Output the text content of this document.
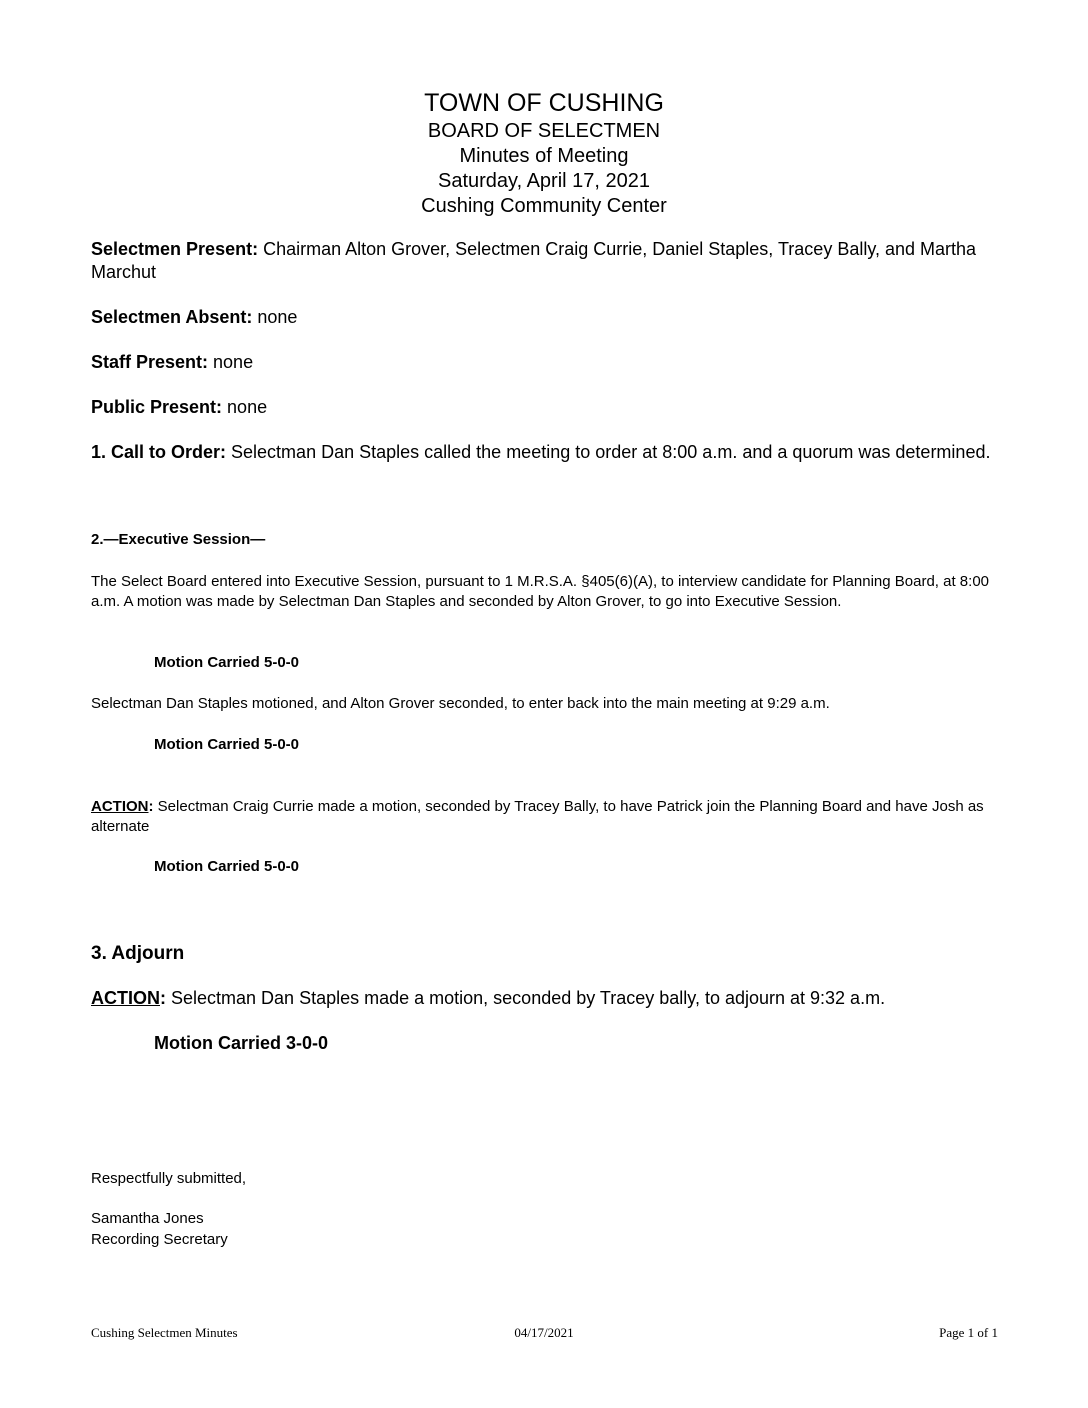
TOWN OF CUSHING
BOARD OF SELECTMEN
Minutes of Meeting
Saturday, April 17, 2021
Cushing Community Center
Selectmen Present: Chairman Alton Grover, Selectmen Craig Currie, Daniel Staples, Tracey Bally, and Martha Marchut
Selectmen Absent: none
Staff Present: none
Public Present: none
1. Call to Order: Selectman Dan Staples called the meeting to order at 8:00 a.m. and a quorum was determined.
2.—Executive Session—
The Select Board entered into Executive Session, pursuant to 1 M.R.S.A. §405(6)(A), to interview candidate for Planning Board, at 8:00 a.m. A motion was made by Selectman Dan Staples and seconded by Alton Grover, to go into Executive Session.
Motion Carried 5-0-0
Selectman Dan Staples motioned, and Alton Grover seconded, to enter back into the main meeting at 9:29 a.m.
Motion Carried 5-0-0
ACTION: Selectman Craig Currie made a motion, seconded by Tracey Bally, to have Patrick join the Planning Board and have Josh as alternate
Motion Carried 5-0-0
3. Adjourn
ACTION: Selectman Dan Staples made a motion, seconded by Tracey bally, to adjourn at 9:32 a.m.
Motion Carried 3-0-0
Respectfully submitted,
Samantha Jones
Recording Secretary
Cushing Selectmen Minutes	04/17/2021	Page 1 of 1
